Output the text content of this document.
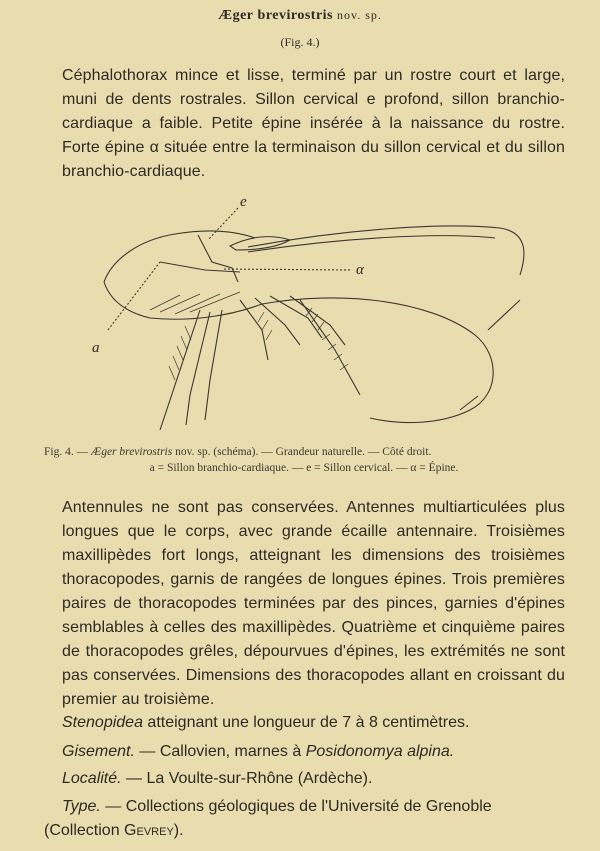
Æger brevirostris nov. sp.
(Fig. 4.)
Céphalothorax mince et lisse, terminé par un rostre court et large, muni de dents rostrales. Sillon cervical e profond, sillon branchio-cardiaque a faible. Petite épine insérée à la naissance du rostre. Forte épine α située entre la terminaison du sillon cervical et du sillon branchio-cardiaque.
e
α
a
Fig. 4. — Æger brevirostris nov. sp. (schéma). — Grandeur naturelle. — Côté droit.
a = Sillon branchio-cardiaque. — e = Sillon cervical. — α = Épine.
Antennules ne sont pas conservées. Antennes multiarticulées plus longues que le corps, avec grande écaille antennaire. Troisièmes maxillipèdes fort longs, atteignant les dimensions des troisièmes thoracopodes, garnis de rangées de longues épines. Trois premières paires de thoracopodes terminées par des pinces, garnies d'épines semblables à celles des maxillipèdes. Quatrième et cinquième paires de thoracopodes grêles, dépourvues d'épines, les extrémités ne sont pas conservées. Dimensions des thoracopodes allant en croissant du premier au troisième.
Stenopidea atteignant une longueur de 7 à 8 centimètres.
Gisement. — Callovien, marnes à Posidonomya alpina.
Localité. — La Voulte-sur-Rhône (Ardèche).
Type. — Collections géologiques de l'Université de Grenoble
(Collection Gevrey).
